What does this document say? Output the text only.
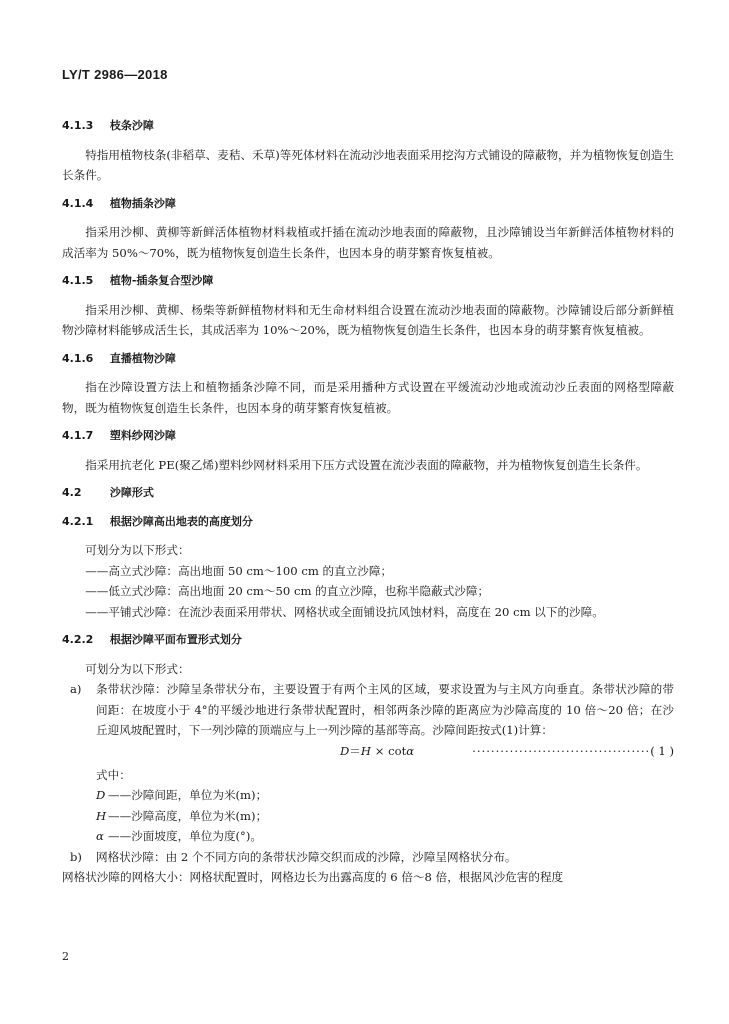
LY/T 2986—2018
4.1.3 枝条沙障

特指用植物枝条(非稻草、麦秸、禾草)等死体材料在流动沙地表面采用挖沟方式铺设的障蔽物，并为植物恢复创造生长条件。

4.1.4 植物插条沙障

指采用沙柳、黄柳等新鲜活体植物材料栽植或扦插在流动沙地表面的障蔽物，且沙障铺设当年新鲜活体植物材料的成活率为 50%～70%，既为植物恢复创造生长条件，也因本身的萌芽繁育恢复植被。

4.1.5 植物-插条复合型沙障

指采用沙柳、黄柳、杨柴等新鲜植物材料和无生命材料组合设置在流动沙地表面的障蔽物。沙障铺设后部分新鲜植物沙障材料能够成活生长，其成活率为 10%～20%，既为植物恢复创造生长条件，也因本身的萌芽繁育恢复植被。

4.1.6 直播植物沙障

指在沙障设置方法上和植物插条沙障不同，而是采用播种方式设置在平缓流动沙地或流动沙丘表面的网格型障蔽物，既为植物恢复创造生长条件，也因本身的萌芽繁育恢复植被。

4.1.7 塑料纱网沙障

指采用抗老化 PE(聚乙烯)塑料纱网材料采用下压方式设置在流沙表面的障蔽物，并为植物恢复创造生长条件。

4.2	沙障形式
4.2.1 根据沙障高出地表的高度划分

可划分为以下形式：

——高立式沙障：高出地面 50 cm～100 cm 的直立沙障；

——低立式沙障：高出地面 20 cm～50 cm 的直立沙障，也称半隐蔽式沙障；

——平铺式沙障：在流沙表面采用带状、网格状或全面铺设抗风蚀材料，高度在 20 cm 以下的沙障。

4.2.2 根据沙障平面布置形式划分

可划分为以下形式：

a) 条带状沙障：沙障呈条带状分布，主要设置于有两个主风的区域，要求设置为与主风方向垂直。条带状沙障的带间距：在坡度小于 4°的平缓沙地进行条带状配置时，相邻两条沙障的距离应为沙障高度的 10 倍～20 倍；在沙丘迎风坡配置时，下一列沙障的顶端应与上一列沙障的基部等高。沙障间距按式(1)计算：
D＝H × cotα	······································( 1 )

式中：

D ——沙障间距，单位为米(m)；

H ——沙障高度，单位为米(m)；

α ——沙面坡度，单位为度(°)。

b) 网格状沙障：由 2 个不同方向的条带状沙障交织而成的沙障，沙障呈网格状分布。

网格状沙障的网格大小：网格状配置时，网格边长为出露高度的 6 倍～8 倍，根据风沙危害的程度

2
